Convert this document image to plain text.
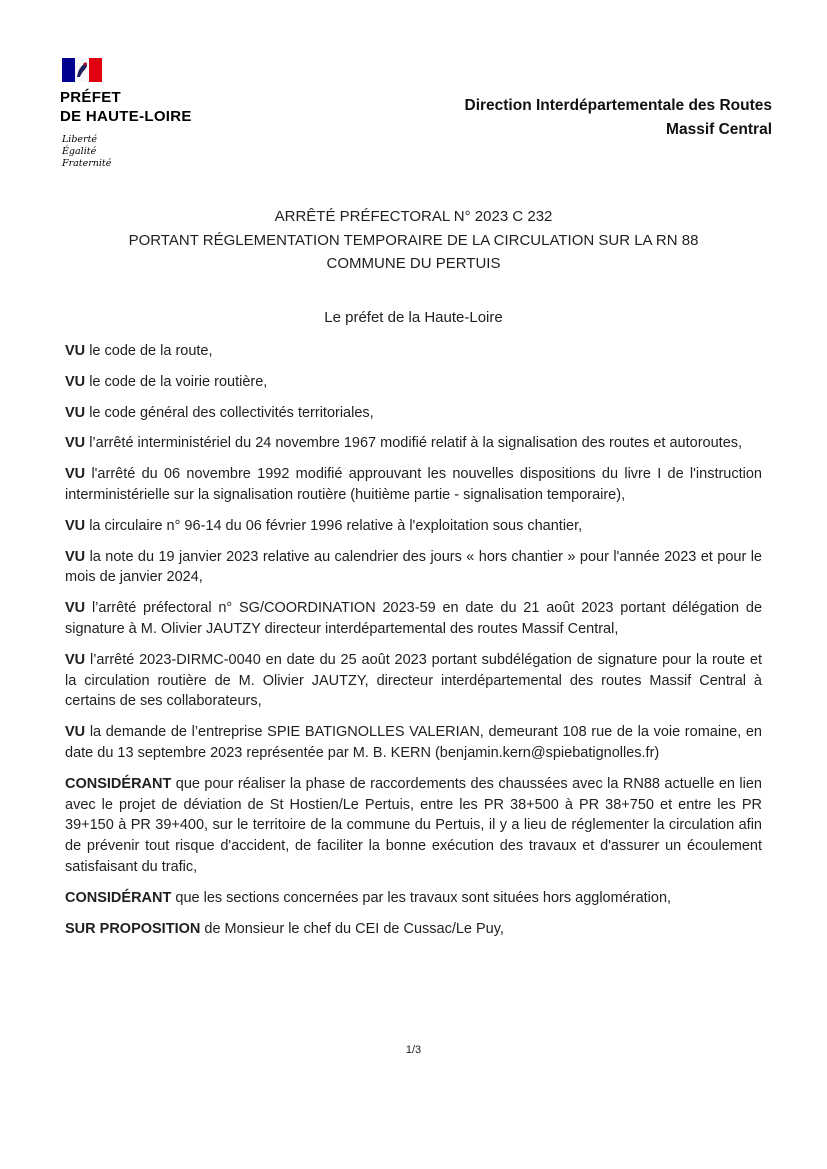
PRÉFET
DE HAUTE-LOIRE
Liberté
Égalité
Fraternité
Direction Interdépartementale des Routes
Massif Central
ARRÊTÉ PRÉFECTORAL N° 2023 C 232
PORTANT RÉGLEMENTATION TEMPORAIRE DE LA CIRCULATION SUR LA RN 88
COMMUNE DU PERTUIS
Le préfet de la Haute-Loire

VU le code de la route,

VU le code de la voirie routière,

VU le code général des collectivités territoriales,

VU l’arrêté interministériel du 24 novembre 1967 modifié relatif à la signalisation des routes et autoroutes,

VU l'arrêté du 06 novembre 1992 modifié approuvant les nouvelles dispositions du livre I de l'instruction interministérielle sur la signalisation routière (huitième partie - signalisation temporaire),

VU la circulaire n° 96-14 du 06 février 1996 relative à l'exploitation sous chantier,

VU la note du 19 janvier 2023 relative au calendrier des jours « hors chantier » pour l'année 2023 et pour le mois de janvier 2024,

VU l’arrêté préfectoral n° SG/COORDINATION 2023-59 en date du 21 août 2023 portant délégation de signature à M. Olivier JAUTZY directeur interdépartemental des routes Massif Central,

VU l’arrêté 2023-DIRMC-0040 en date du 25 août 2023 portant subdélégation de signature pour la route et la circulation routière de M. Olivier JAUTZY, directeur interdépartemental des routes Massif Central à certains de ses collaborateurs,

VU la demande de l’entreprise SPIE BATIGNOLLES VALERIAN, demeurant 108 rue de la voie romaine, en date du 13 septembre 2023 représentée par M. B. KERN (benjamin.kern@spiebatignolles.fr)

CONSIDÉRANT que pour réaliser la phase de raccordements des chaussées avec la RN88 actuelle en lien avec le projet de déviation de St Hostien/Le Pertuis, entre les PR 38+500 à PR 38+750 et entre les PR 39+150 à PR 39+400, sur le territoire de la commune du Pertuis, il y a lieu de réglementer la circulation afin de prévenir tout risque d'accident, de faciliter la bonne exécution des travaux et d'assurer un écoulement satisfaisant du trafic,

CONSIDÉRANT que les sections concernées par les travaux sont situées hors agglomération,

SUR PROPOSITION de Monsieur le chef du CEI de Cussac/Le Puy,

1/3
